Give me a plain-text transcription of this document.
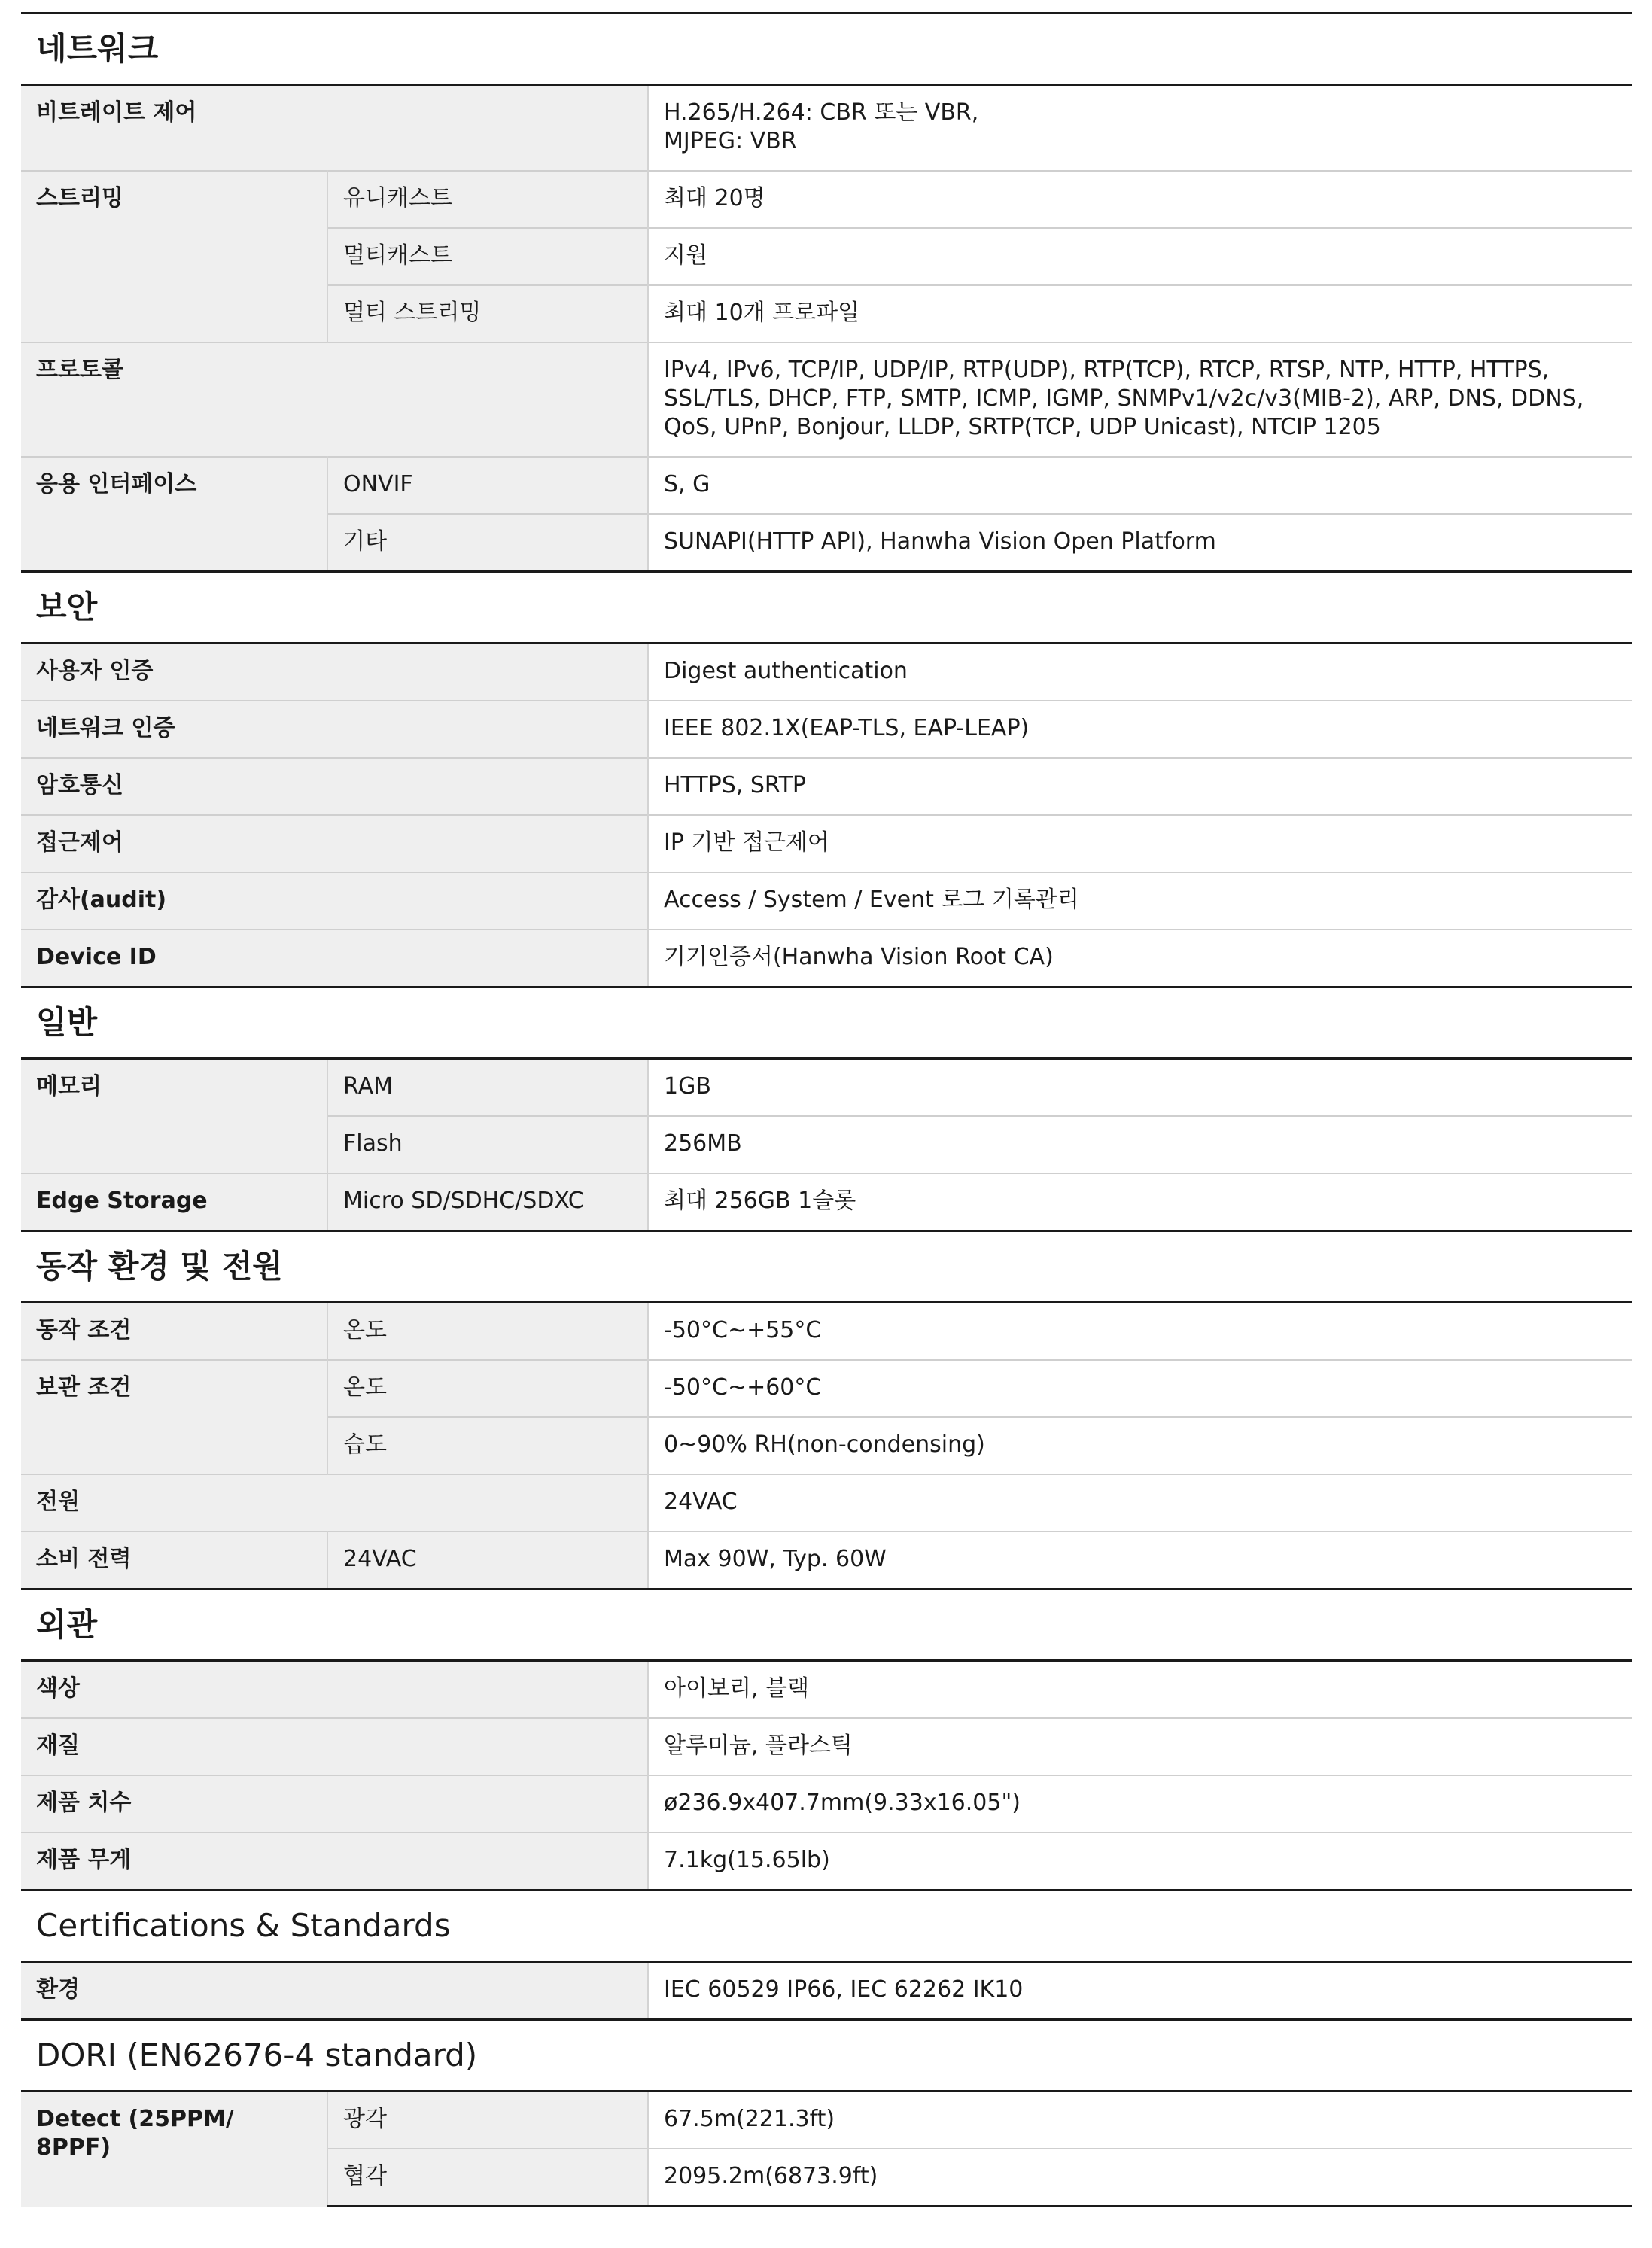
네트워크		
비트레이트 제어		H.265/H.264: CBR 또는 VBR,
MJPEG: VBR
스트리밍	유니캐스트	최대 20명
	멀티캐스트	지원
	멀티 스트리밍	최대 10개 프로파일
프로토콜		IPv4, IPv6, TCP/IP, UDP/IP, RTP(UDP), RTP(TCP), RTCP, RTSP, NTP, HTTP, HTTPS,
SSL/TLS, DHCP, FTP, SMTP, ICMP, IGMP, SNMPv1/v2c/v3(MIB-2), ARP, DNS, DDNS,
QoS, UPnP, Bonjour, LLDP, SRTP(TCP, UDP Unicast), NTCIP 1205
응용 인터페이스	ONVIF	S, G
	기타	SUNAPI(HTTP API), Hanwha Vision Open Platform
보안		
사용자 인증		Digest authentication
네트워크 인증		IEEE 802.1X(EAP-TLS, EAP-LEAP)
암호통신		HTTPS, SRTP
접근제어		IP 기반 접근제어
감사(audit)		Access / System / Event 로그 기록관리
Device ID		기기인증서(Hanwha Vision Root CA)
일반		
메모리	RAM	1GB
	Flash	256MB
Edge Storage	Micro SD/SDHC/SDXC	최대 256GB 1슬롯
동작 환경 및 전원		
동작 조건	온도	-50°C~+55°C
보관 조건	온도	-50°C~+60°C
	습도	0~90% RH(non-condensing)
전원		24VAC
소비 전력	24VAC	Max 90W, Typ. 60W
외관		
색상		아이보리, 블랙
재질		알루미늄, 플라스틱
제품 치수		ø236.9x407.7mm(9.33x16.05")
제품 무게		7.1kg(15.65lb)
Certifications & Standards		
환경		IEC 60529 IP66, IEC 62262 IK10
DORI (EN62676-4 standard)		
Detect (25PPM/ 8PPF)	광각	67.5m(221.3ft)
	협각	2095.2m(6873.9ft)
